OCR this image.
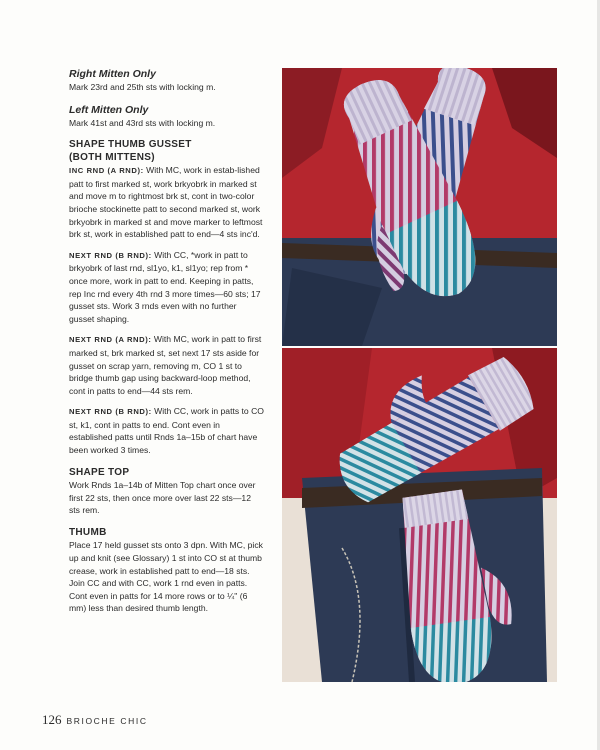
Right Mitten Only

Mark 23rd and 25th sts with locking m.

Left Mitten Only

Mark 41st and 43rd sts with locking m.

SHAPE THUMB GUSSET
(BOTH MITTENS)

INC RND (A RND): With MC, work in estab-lished patt to first marked st, work brkyobrk in marked st and move m to rightmost brk st, cont in two-color brioche stockinette patt to second marked st, work brkyobrk in marked st and move marker to leftmost brk st, work in established patt to end—4 sts inc'd.

NEXT RND (B RND): With CC, *work in patt to brkyobrk of last rnd, sl1yo, k1, sl1yo; rep from * once more, work in patt to end. Keeping in patts, rep Inc rnd every 4th rnd 3 more times—60 sts; 17 gusset sts. Work 3 rnds even with no further gusset shaping.

NEXT RND (A RND): With MC, work in patt to first marked st, brk marked st, set next 17 sts aside for gusset on scrap yarn, removing m, CO 1 st to bridge thumb gap using backward-loop method, cont in patts to end—44 sts rem.

NEXT RND (B RND): With CC, work in patts to CO st, k1, cont in patts to end. Cont even in established patts until Rnds 1a–15b of chart have been worked 3 times.

SHAPE TOP

Work Rnds 1a–14b of Mitten Top chart once over first 22 sts, then once more over last 22 sts—12 sts rem.

THUMB

Place 17 held gusset sts onto 3 dpn. With MC, pick up and knit (see Glossary) 1 st into CO st at thumb crease, work in established patt to end—18 sts. Join CC and with CC, work 1 rnd even in patts. Cont even in patts for 14 more rows or to ¼" (6 mm) less than desired thumb length.

126 BRIOCHE CHIC
